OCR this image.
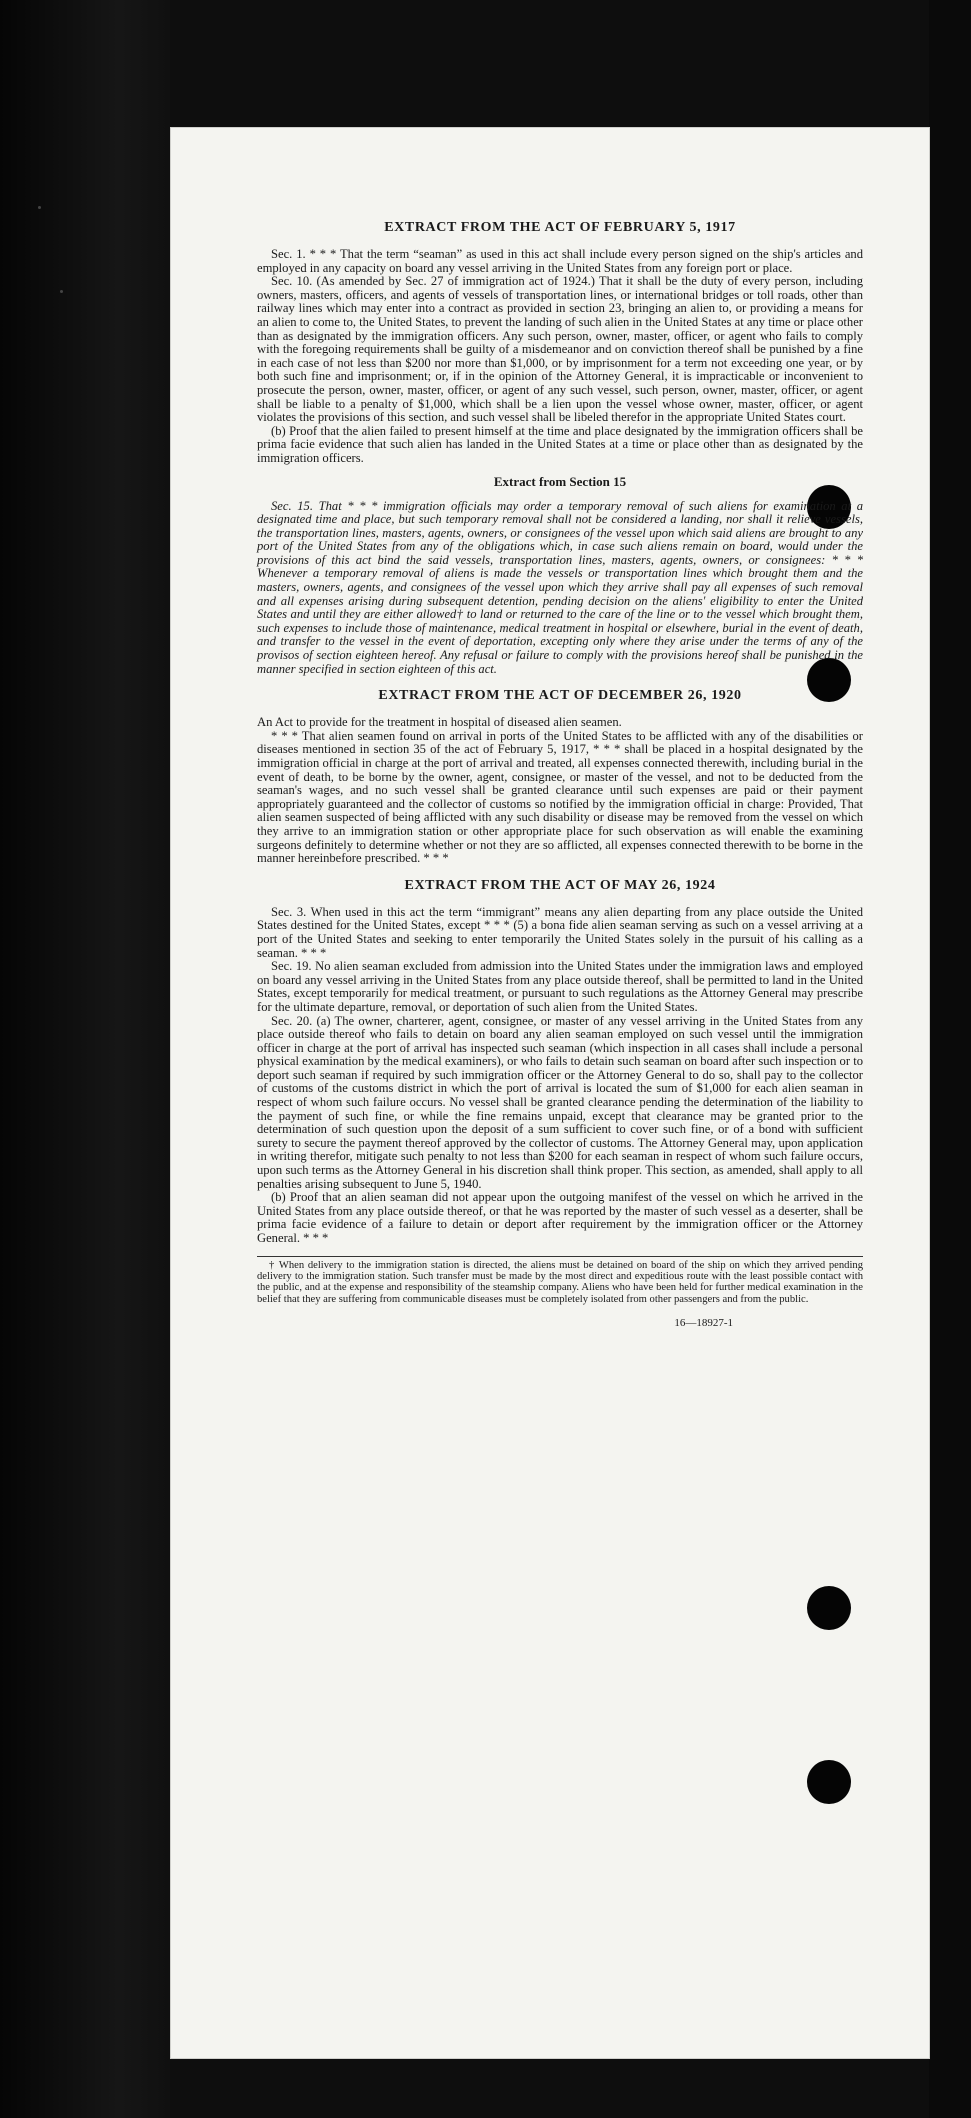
EXTRACT FROM THE ACT OF FEBRUARY 5, 1917

Sec. 1. * * * That the term “seaman” as used in this act shall include every person signed on the ship's articles and employed in any capacity on board any vessel arriving in the United States from any foreign port or place.

Sec. 10. (As amended by Sec. 27 of immigration act of 1924.) That it shall be the duty of every person, including owners, masters, officers, and agents of vessels of transportation lines, or international bridges or toll roads, other than railway lines which may enter into a contract as provided in section 23, bringing an alien to, or providing a means for an alien to come to, the United States, to prevent the landing of such alien in the United States at any time or place other than as designated by the immigration officers. Any such person, owner, master, officer, or agent who fails to comply with the foregoing requirements shall be guilty of a misdemeanor and on conviction thereof shall be punished by a fine in each case of not less than $200 nor more than $1,000, or by imprisonment for a term not exceeding one year, or by both such fine and imprisonment; or, if in the opinion of the Attorney General, it is impracticable or inconvenient to prosecute the person, owner, master, officer, or agent of any such vessel, such person, owner, master, officer, or agent shall be liable to a penalty of $1,000, which shall be a lien upon the vessel whose owner, master, officer, or agent violates the provisions of this section, and such vessel shall be libeled therefor in the appropriate United States court.

(b) Proof that the alien failed to present himself at the time and place designated by the immigration officers shall be prima facie evidence that such alien has landed in the United States at a time or place other than as designated by the immigration officers.

Extract from Section 15

Sec. 15. That * * * immigration officials may order a temporary removal of such aliens for examination at a designated time and place, but such temporary removal shall not be considered a landing, nor shall it relieve vessels, the transportation lines, masters, agents, owners, or consignees of the vessel upon which said aliens are brought to any port of the United States from any of the obligations which, in case such aliens remain on board, would under the provisions of this act bind the said vessels, transportation lines, masters, agents, owners, or consignees: * * * Whenever a temporary removal of aliens is made the vessels or transportation lines which brought them and the masters, owners, agents, and consignees of the vessel upon which they arrive shall pay all expenses of such removal and all expenses arising during subsequent detention, pending decision on the aliens' eligibility to enter the United States and until they are either allowed† to land or returned to the care of the line or to the vessel which brought them, such expenses to include those of maintenance, medical treatment in hospital or elsewhere, burial in the event of death, and transfer to the vessel in the event of deportation, excepting only where they arise under the terms of any of the provisos of section eighteen hereof. Any refusal or failure to comply with the provisions hereof shall be punished in the manner specified in section eighteen of this act.

EXTRACT FROM THE ACT OF DECEMBER 26, 1920

An Act to provide for the treatment in hospital of diseased alien seamen.

* * * That alien seamen found on arrival in ports of the United States to be afflicted with any of the disabilities or diseases mentioned in section 35 of the act of February 5, 1917, * * * shall be placed in a hospital designated by the immigration official in charge at the port of arrival and treated, all expenses connected therewith, including burial in the event of death, to be borne by the owner, agent, consignee, or master of the vessel, and not to be deducted from the seaman's wages, and no such vessel shall be granted clearance until such expenses are paid or their payment appropriately guaranteed and the collector of customs so notified by the immigration official in charge: Provided, That alien seamen suspected of being afflicted with any such disability or disease may be removed from the vessel on which they arrive to an immigration station or other appropriate place for such observation as will enable the examining surgeons definitely to determine whether or not they are so afflicted, all expenses connected therewith to be borne in the manner hereinbefore prescribed. * * *

EXTRACT FROM THE ACT OF MAY 26, 1924

Sec. 3. When used in this act the term “immigrant” means any alien departing from any place outside the United States destined for the United States, except * * * (5) a bona fide alien seaman serving as such on a vessel arriving at a port of the United States and seeking to enter temporarily the United States solely in the pursuit of his calling as a seaman. * * *

Sec. 19. No alien seaman excluded from admission into the United States under the immigration laws and employed on board any vessel arriving in the United States from any place outside thereof, shall be permitted to land in the United States, except temporarily for medical treatment, or pursuant to such regulations as the Attorney General may prescribe for the ultimate departure, removal, or deportation of such alien from the United States.

Sec. 20. (a) The owner, charterer, agent, consignee, or master of any vessel arriving in the United States from any place outside thereof who fails to detain on board any alien seaman employed on such vessel until the immigration officer in charge at the port of arrival has inspected such seaman (which inspection in all cases shall include a personal physical examination by the medical examiners), or who fails to detain such seaman on board after such inspection or to deport such seaman if required by such immigration officer or the Attorney General to do so, shall pay to the collector of customs of the customs district in which the port of arrival is located the sum of $1,000 for each alien seaman in respect of whom such failure occurs. No vessel shall be granted clearance pending the determination of the liability to the payment of such fine, or while the fine remains unpaid, except that clearance may be granted prior to the determination of such question upon the deposit of a sum sufficient to cover such fine, or of a bond with sufficient surety to secure the payment thereof approved by the collector of customs. The Attorney General may, upon application in writing therefor, mitigate such penalty to not less than $200 for each seaman in respect of whom such failure occurs, upon such terms as the Attorney General in his discretion shall think proper. This section, as amended, shall apply to all penalties arising subsequent to June 5, 1940.

(b) Proof that an alien seaman did not appear upon the outgoing manifest of the vessel on which he arrived in the United States from any place outside thereof, or that he was reported by the master of such vessel as a deserter, shall be prima facie evidence of a failure to detain or deport after requirement by the immigration officer or the Attorney General. * * *

† When delivery to the immigration station is directed, the aliens must be detained on board of the ship on which they arrived pending delivery to the immigration station. Such transfer must be made by the most direct and expeditious route with the least possible contact with the public, and at the expense and responsibility of the steamship company. Aliens who have been held for further medical examination in the belief that they are suffering from communicable diseases must be completely isolated from other passengers and from the public.
16—18927-1
